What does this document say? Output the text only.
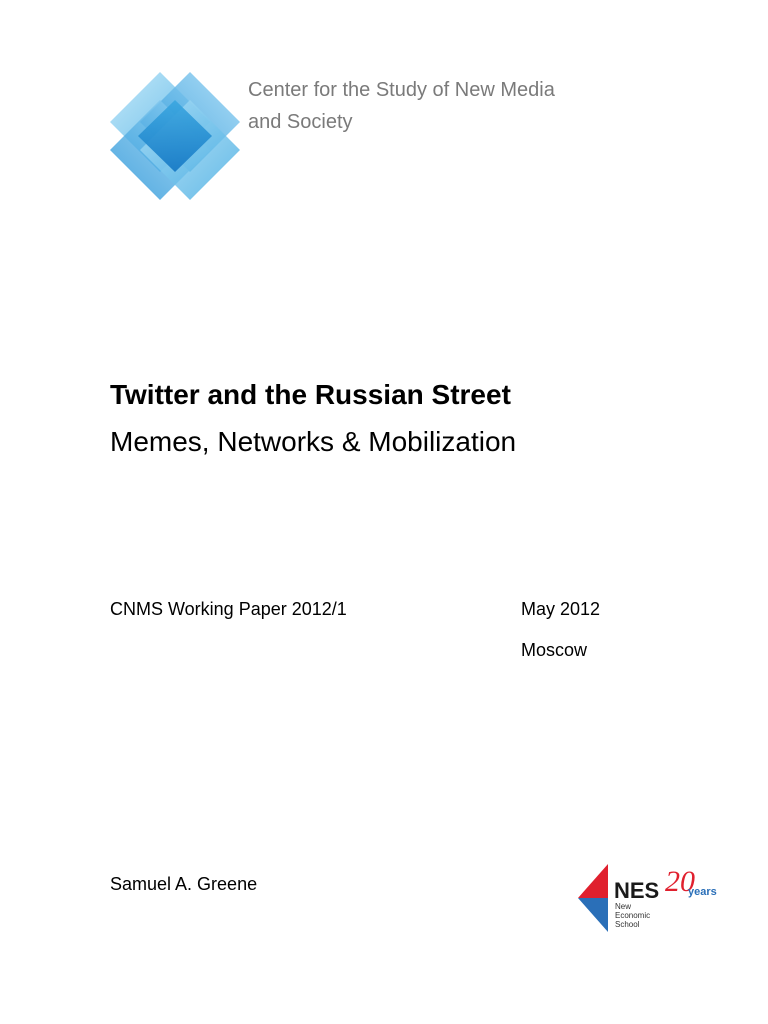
Center for the Study of New Media
and Society
Twitter and the Russian Street
Memes, Networks & Mobilization
CNMS Working Paper 2012/1	May 2012
Moscow
Samuel A. Greene	NES 20
years
New
Economic
School
